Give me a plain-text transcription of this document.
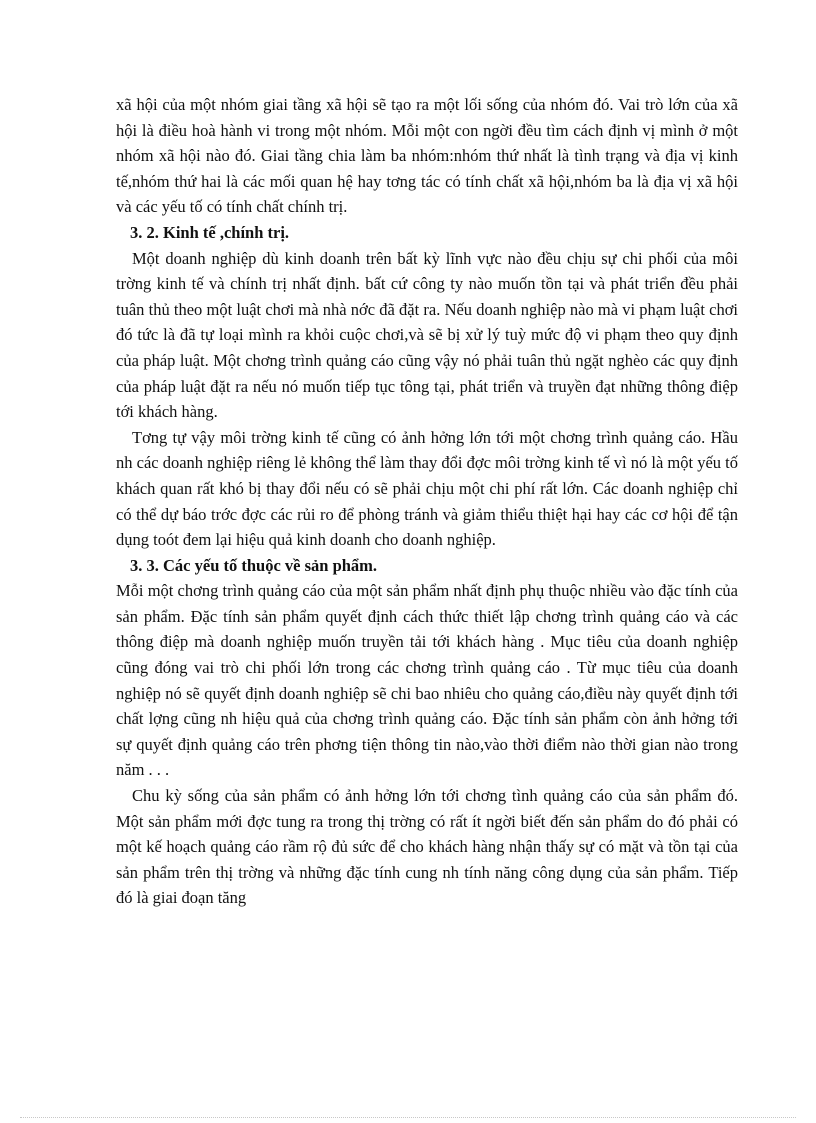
xã hội của một nhóm giai tầng xã hội sẽ tạo ra một lối sống của nhóm đó. Vai trò lớn của xã hội là điều hoà hành vi trong một nhóm. Mỗi một con ngời đều tìm cách định vị mình ở một nhóm xã hội nào đó. Giai tầng chia làm ba nhóm:nhóm thứ nhất là tình trạng và địa vị kinh tế,nhóm thứ hai là các mối quan hệ hay tơng tác có tính chất xã hội,nhóm ba là địa vị xã hội và các yếu tố có tính chất chính trị.

3. 2. Kinh tế ,chính trị.

Một doanh nghiệp dù kinh doanh trên bất kỳ lĩnh vực nào đều chịu sự chi phối của môi trờng kinh tế và chính trị nhất định. bất cứ công ty nào muốn tồn tại và phát triển đều phải tuân thủ theo một luật chơi mà nhà nớc đã đặt ra. Nếu doanh nghiệp nào mà vi phạm luật chơi đó tức là đã tự loại mình ra khỏi cuộc chơi,và sẽ bị xử lý tuỳ mức độ vi phạm theo quy định của pháp luật. Một chơng trình quảng cáo cũng vậy nó phải tuân thủ ngặt nghèo các quy định của pháp luật đặt ra nếu nó muốn tiếp tục tông tại, phát triển và truyền đạt những thông điệp tới khách hàng.

Tơng tự vậy môi trờng kinh tế cũng có ảnh hởng lớn tới một chơng trình quảng cáo. Hầu nh các doanh nghiệp riêng lẻ không thể làm thay đổi đợc môi trờng kinh tế vì nó là một yếu tố khách quan rất khó bị thay đổi nếu có sẽ phải chịu một chi phí rất lớn. Các doanh nghiệp chỉ có thể dự báo trớc đợc các rủi ro để phòng tránh và giảm thiểu thiệt hại hay các cơ hội để tận dụng toót đem lại hiệu quả kinh doanh cho doanh nghiệp.

3. 3. Các yếu tố thuộc về sản phẩm.

Mỗi một chơng trình quảng cáo của một sản phẩm nhất định phụ thuộc nhiều vào đặc tính của sản phẩm. Đặc tính sản phẩm quyết định cách thức thiết lập chơng trình quảng cáo và các thông điệp mà doanh nghiệp muốn truyền tải tới khách hàng . Mục tiêu của doanh nghiệp cũng đóng vai trò chi phối lớn trong các chơng trình quảng cáo . Từ mục tiêu của doanh nghiệp nó sẽ quyết định doanh nghiệp sẽ chi bao nhiêu cho quảng cáo,điều này quyết định tới chất lợng cũng nh hiệu quả của chơng trình quảng cáo. Đặc tính sản phẩm còn ảnh hởng tới sự quyết định quảng cáo trên phơng tiện thông tin nào,vào thời điểm nào thời gian nào trong năm . . .

Chu kỳ sống của sản phẩm có ảnh hởng lớn tới chơng tình quảng cáo của sản phẩm đó. Một sản phẩm mới đợc tung ra trong thị trờng có rất ít ngời biết đến sản phẩm do đó phải có một kế hoạch quảng cáo rầm rộ đủ sức để cho khách hàng nhận thấy sự có mặt và tồn tại của sản phẩm trên thị trờng và những đặc tính cung nh tính năng công dụng của sản phẩm. Tiếp đó là giai đoạn tăng
